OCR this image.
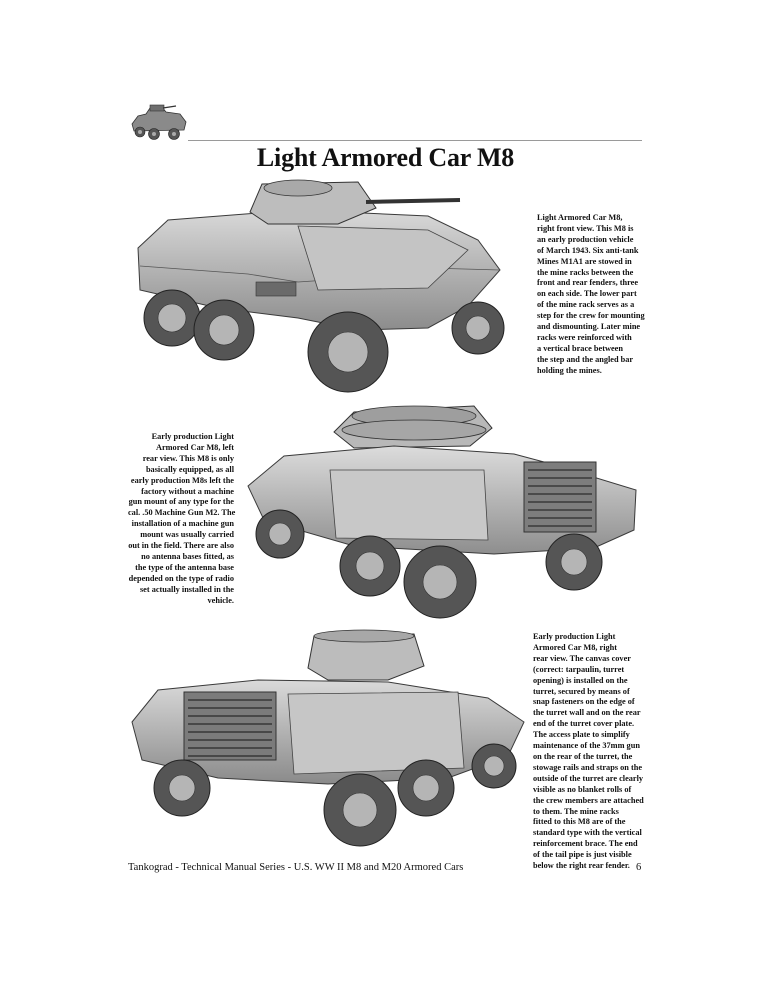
Light Armored Car M8
Light Armored Car M8,
right front view. This M8 is
an early production vehicle
of March 1943. Six anti-tank
Mines M1A1 are stowed in
the mine racks between the
front and rear fenders, three
on each side. The lower part
of the mine rack serves as a
step for the crew for mounting
and dismounting. Later mine
racks were reinforced with
a vertical brace between
the step and the angled bar
holding the mines.
Early production Light
Armored Car M8, left
rear view. This M8 is only
basically equipped, as all
early production M8s left the
factory without a machine
gun mount of any type for the
cal. .50 Machine Gun M2. The
installation of a machine gun
mount was usually carried
out in the field. There are also
no antenna bases fitted, as
the type of the antenna base
depended on the type of radio
set actually installed in the
vehicle.
Early production Light
Armored Car M8, right
rear view. The canvas cover
(correct: tarpaulin, turret
opening) is installed on the
turret, secured by means of
snap fasteners on the edge of
the turret wall and on the rear
end of the turret cover plate.
The access plate to simplify
maintenance of the 37mm gun
on the rear of the turret, the
stowage rails and straps on the
outside of the turret are clearly
visible as no blanket rolls of
the crew members are attached
to them. The mine racks
fitted to this M8 are of the
standard type with the vertical
reinforcement brace. The end
of the tail pipe is just visible
below the right rear fender.
Tankograd - Technical Manual Series - U.S. WW II M8 and M20 Armored Cars	6
